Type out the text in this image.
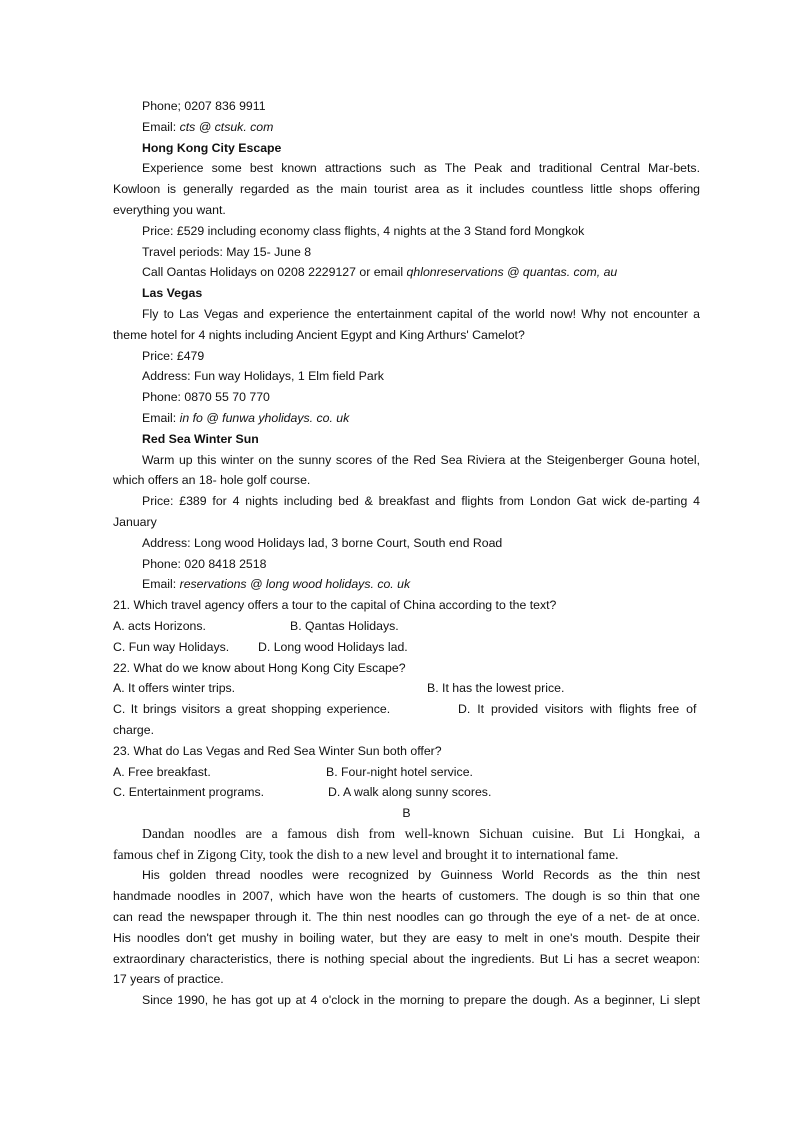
Phone; 0207 836 9911
Email: cts @ ctsuk. com
Hong Kong City Escape
Experience some best known attractions such as The Peak and traditional Central Mar-bets.
Kowloon is generally regarded as the main tourist area as it includes countless little shops offering
everything you want.
Price: £529 including economy class flights, 4 nights at the 3 Stand ford Mongkok
Travel periods: May 15- June 8
Call Oantas Holidays on 0208 2229127 or email qhlonreservations @ quantas. com, au
Las Vegas
Fly to Las Vegas and experience the entertainment capital of the world now! Why not encounter a
theme hotel for 4 nights including Ancient Egypt and King Arthurs' Camelot?
Price: £479
Address: Fun way Holidays, 1 Elm field Park
Phone: 0870 55 70 770
Email: in fo @ funwa yholidays. co. uk
Red Sea Winter Sun
Warm up this winter on the sunny scores of the Red Sea Riviera at the Steigenberger Gouna hotel,
which offers an 18- hole golf course.
Price: £389 for 4 nights including bed & breakfast and flights from London Gat wick de-parting 4
January
Address: Long wood Holidays lad, 3 borne Court, South end Road
Phone: 020 8418 2518
Email: reservations @ long wood holidays. co. uk
21. Which travel agency offers a tour to the capital of China according to the text?
A. acts Horizons.	B. Qantas Holidays.
C. Fun way Holidays. D. Long wood Holidays lad.
22. What do we know about Hong Kong City Escape?
A. It offers winter trips.	B. It has the lowest price.
C. It brings visitors a great shopping experience.	D. It provided visitors with flights free of
charge.
23. What do Las Vegas and Red Sea Winter Sun both offer?
A. Free breakfast.	B. Four-night hotel service.
C. Entertainment programs.	D. A walk along sunny scores.
B
Dandan noodles are a famous dish from well-known Sichuan cuisine. But Li Hongkai, a
famous chef in Zigong City, took the dish to a new level and brought it to international fame.
His golden thread noodles were recognized by Guinness World Records as the thin nest
handmade noodles in 2007, which have won the hearts of customers. The dough is so thin that one
can read the newspaper through it. The thin nest noodles can go through the eye of a net- de at once.
His noodles don't get mushy in boiling water, but they are easy to melt in one's mouth. Despite their
extraordinary characteristics, there is nothing special about the ingredients. But Li has a secret weapon:
17 years of practice.
Since 1990, he has got up at 4 o'clock in the morning to prepare the dough. As a beginner, Li slept
